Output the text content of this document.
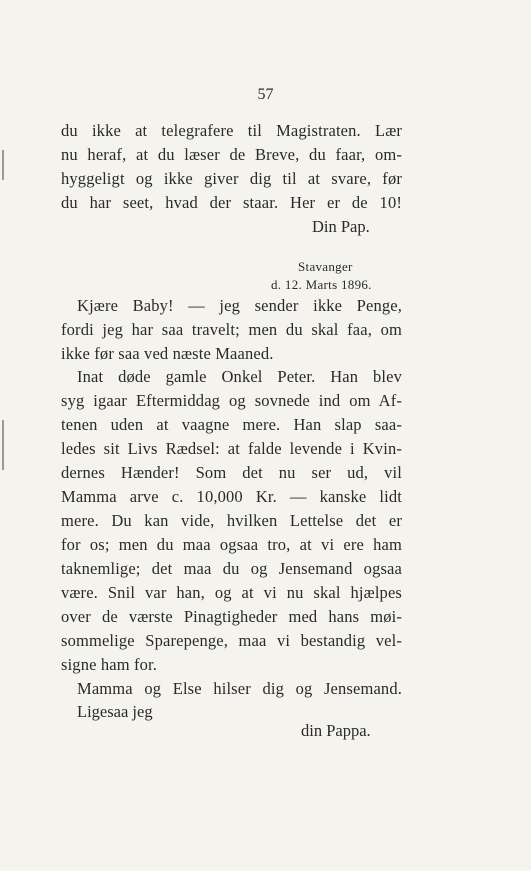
57
du ikke at telegrafere til Magistraten. Lær
nu heraf, at du læser de Breve, du faar, om-
hyggeligt og ikke giver dig til at svare, før
du har seet, hvad der staar. Her er de 10!
Din Pap.
Stavanger
d. 12. Marts 1896.
Kjære Baby! — jeg sender ikke Penge,
fordi jeg har saa travelt; men du skal faa, om
ikke før saa ved næste Maaned.
Inat døde gamle Onkel Peter. Han blev
syg igaar Eftermiddag og sovnede ind om Af-
tenen uden at vaagne mere. Han slap saa-
ledes sit Livs Rædsel: at falde levende i Kvin-
dernes Hænder! Som det nu ser ud, vil
Mamma arve c. 10,000 Kr. — kanske lidt
mere. Du kan vide, hvilken Lettelse det er
for os; men du maa ogsaa tro, at vi ere ham
taknemlige; det maa du og Jensemand ogsaa
være. Snil var han, og at vi nu skal hjælpes
over de værste Pinagtigheder med hans møi-
sommelige Sparepenge, maa vi bestandig vel-
signe ham for.
Mamma og Else hilser dig og Jensemand.
Ligesaa jeg
din Pappa.
